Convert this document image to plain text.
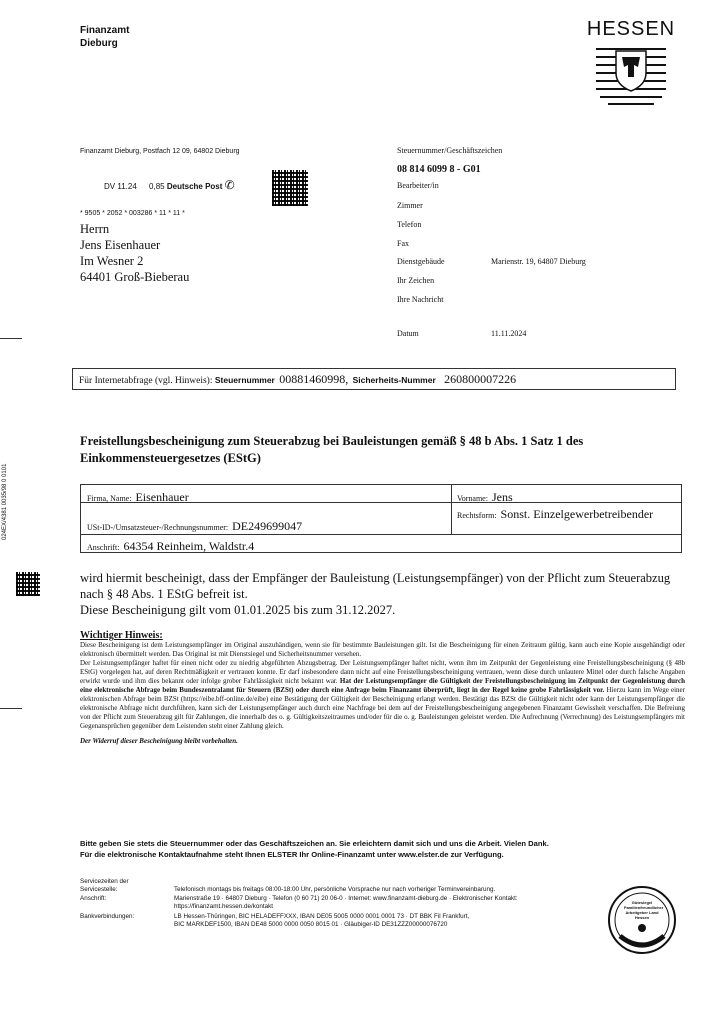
Finanzamt
Dieburg
HESSEN
Finanzamt Dieburg, Postfach 12 09, 64802 Dieburg
DV 11.24 0,85 Deutsche Post ✆
* 9505 * 2052 * 003286 * 11 * 11 *
Herrn
Jens Eisenhauer
Im Wesner 2
64401 Groß-Bieberau
Steuernummer/Geschäftszeichen
08 814 6099 8 - G01
Bearbeiter/in
Zimmer
Telefon
Fax
Dienstgebäude	Marienstr. 19, 64807 Dieburg
Ihr Zeichen
Ihre Nachricht
Datum	11.11.2024
024EX/4381 0035/98 0 0101
Für Internetabfrage (vgl. Hinweis): Steuernummer 00881460998, Sicherheits-Nummer 260800007226
Freistellungsbescheinigung zum Steuerabzug bei Bauleistungen gemäß § 48 b Abs. 1 Satz 1 des Einkommensteuergesetzes (EStG)
Firma, Name: Eisenhauer	Vorname: Jens
Rechtsform: Sonst. Einzelgewerbetreibender
USt-ID-/Umsatzsteuer-/Rechnungsnummer: DE249699047
Anschrift: 64354 Reinheim, Waldstr.4
wird hiermit bescheinigt, dass der Empfänger der Bauleistung (Leistungsempfänger) von der Pflicht zum Steuerabzug nach § 48 Abs. 1 EStG befreit ist.
Diese Bescheinigung gilt vom 01.01.2025 bis zum 31.12.2027.
Wichtiger Hinweis:

Diese Bescheinigung ist dem Leistungsempfänger im Original auszuhändigen, wenn sie für bestimmte Bauleistungen gilt. Ist die Bescheinigung für einen Zeitraum gültig, kann auch eine Kopie ausgehändigt oder elektronisch übermittelt werden. Das Original ist mit Dienstsiegel und Sicherheitsnummer versehen.

Der Leistungsempfänger haftet für einen nicht oder zu niedrig abgeführten Abzugsbetrag. Der Leistungsempfänger haftet nicht, wenn ihm im Zeitpunkt der Gegenleistung eine Freistellungsbescheinigung (§ 48b EStG) vorgelegen hat, auf deren Rechtmäßigkeit er vertrauen konnte. Er darf insbesondere dann nicht auf eine Freistellungsbescheinigung vertrauen, wenn diese durch unlautere Mittel oder durch falsche Angaben erwirkt wurde und ihm dies bekannt oder infolge grober Fahrlässigkeit nicht bekannt war. Hat der Leistungsempfänger die Gültigkeit der Freistellungsbescheinigung im Zeitpunkt der Gegenleistung durch eine elektronische Abfrage beim Bundeszentralamt für Steuern (BZSt) oder durch eine Anfrage beim Finanzamt überprüft, liegt in der Regel keine grobe Fahrlässigkeit vor. Hierzu kann im Wege einer elektronischen Abfrage beim BZSt (https://eibe.bff-online.de/eibe) eine Bestätigung der Gültigkeit der Bescheinigung erlangt werden. Bestätigt das BZSt die Gültigkeit nicht oder kann der Leistungsempfänger die elektronische Abfrage nicht durchführen, kann sich der Leistungsempfänger auch durch eine Nachfrage bei dem auf der Freistellungsbescheinigung angegebenen Finanzamt Gewissheit verschaffen. Die Befreiung von der Pflicht zum Steuerabzug gilt für Zahlungen, die innerhalb des o. g. Gültigkeitszeitraumes und/oder für die o. g. Bauleistungen geleistet werden. Die Aufrechnung (Verrechnung) des Leistungsempfängers mit Gegenansprüchen gegenüber dem Leistenden steht einer Zahlung gleich.

Der Widerruf dieser Bescheinigung bleibt vorbehalten.

Bitte geben Sie stets die Steuernummer oder das Geschäftszeichen an. Sie erleichtern damit sich und uns die Arbeit. Vielen Dank.
Für die elektronische Kontaktaufnahme steht Ihnen ELSTER Ihr Online-Finanzamt unter www.elster.de zur Verfügung.
Servicezeiten der Servicestelle:	Telefonisch montags bis freitags 08:00-18:00 Uhr, persönliche Vorsprache nur nach vorheriger Terminvereinbarung.
Anschrift:	Marienstraße 19 · 64807 Dieburg · Telefon (0 60 71) 20 06-0 · Internet: www.finanzamt-dieburg.de · Elektronischer Kontakt: https://finanzamt.hessen.de/kontakt
Bankverbindungen:	LB Hessen-Thüringen, BIC HELADEFFXXX, IBAN DE05 5005 0000 0001 0001 73 · DT BBK Fil Frankfurt,
BIC MARKDEF1500, IBAN DE48 5000 0000 0050 8015 01 · Gläubiger-ID DE31ZZZ00000076720
Gütesiegel Familienfreundlicher Arbeitgeber Land Hessen
